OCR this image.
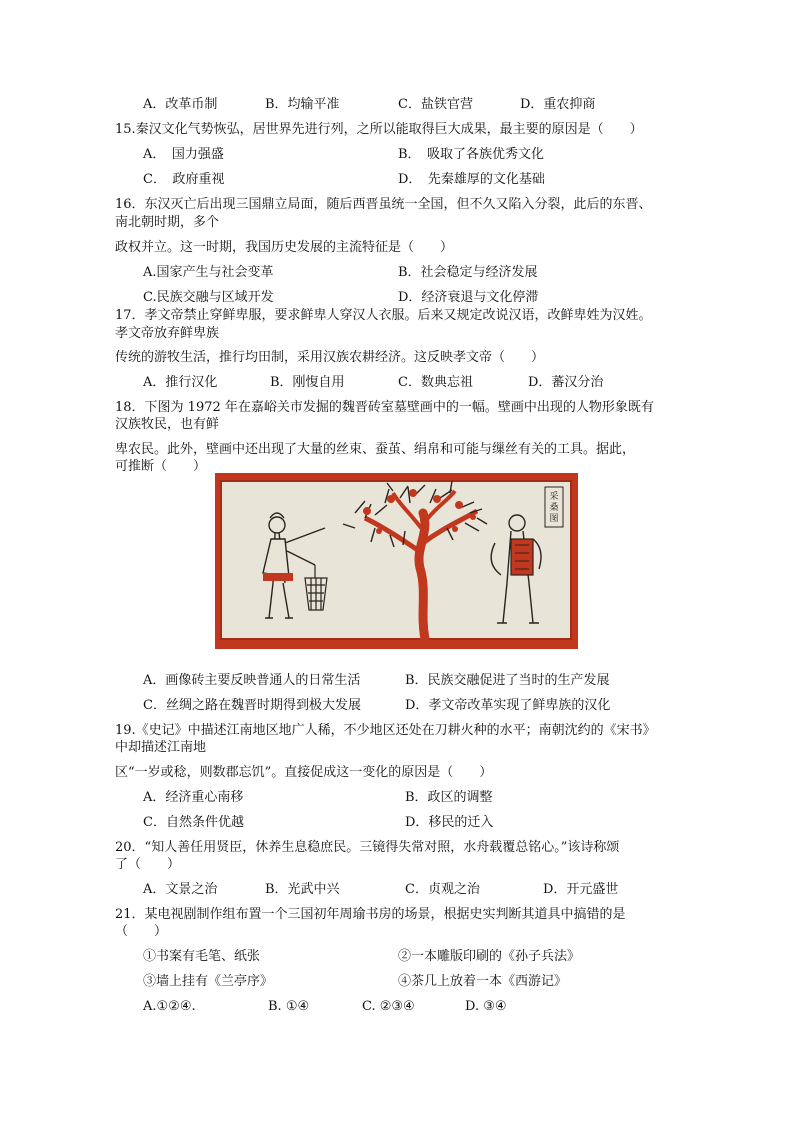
A．改革币制	B．均输平准	C．盐铁官营	D．重农抑商
15.秦汉文化气势恢弘，居世界先进行列，之所以能取得巨大成果，最主要的原因是（　　）
A．　国力强盛	B．　吸取了各族优秀文化
C．　政府重视	D．　先秦雄厚的文化基础
16．东汉灭亡后出现三国鼎立局面，随后西晋虽统一全国，但不久又陷入分裂，此后的东晋、
南北朝时期，多个
政权并立。这一时期，我国历史发展的主流特征是（　　）
A.国家产生与社会变革	B．社会稳定与经济发展
C.民族交融与区域开发	D．经济衰退与文化停滞
17．孝文帝禁止穿鲜卑服，要求鲜卑人穿汉人衣服。后来又规定改说汉语，改鲜卑姓为汉姓。
孝文帝放弃鲜卑族
传统的游牧生活，推行均田制，采用汉族农耕经济。这反映孝文帝（　　）
A．推行汉化	B．刚愎自用	C．数典忘祖	D．蕃汉分治
18．下图为 1972 年在嘉峪关市发掘的魏晋砖室墓壁画中的一幅。壁画中出现的人物形象既有
汉族牧民，也有鲜
卑农民。此外，壁画中还出现了大量的丝束、蚕茧、绢帛和可能与缫丝有关的工具。据此，
可推断（　　）
采
桑
图
A．画像砖主要反映普通人的日常生活	B．民族交融促进了当时的生产发展
C．丝绸之路在魏晋时期得到极大发展	D．孝文帝改革实现了鲜卑族的汉化
19.《史记》中描述江南地区地广人稀，不少地区还处在刀耕火种的水平；南朝沈约的《宋书》
中却描述江南地
区“一岁或稔，则数郡忘饥”。直接促成这一变化的原因是（　　）
A．经济重心南移	B．政区的调整
C．自然条件优越	D．移民的迁入
20．“知人善任用贤臣，休养生息稳庶民。三镜得失常对照，水舟载覆总铭心。”该诗称颂
了（　　）
A．文景之治	B．光武中兴	C．贞观之治	D．开元盛世
21．某电视剧制作组布置一个三国初年周瑜书房的场景，根据史实判断其道具中搞错的是
（　　）
①书案有毛笔、纸张	②一本雕版印刷的《孙子兵法》
③墙上挂有《兰亭序》	④茶几上放着一本《西游记》
A.①②④.	B. ①④	C. ②③④	D. ③④
